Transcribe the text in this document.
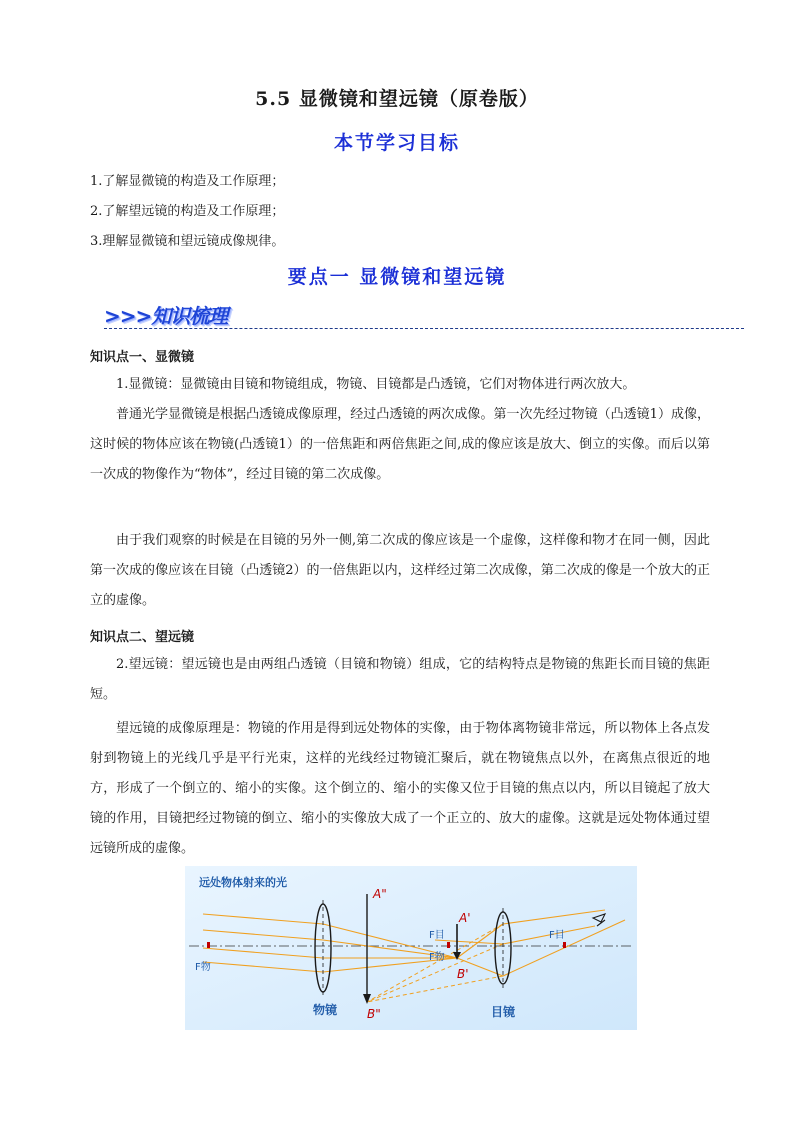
5.5 显微镜和望远镜（原卷版）
本节学习目标
1.了解显微镜的构造及工作原理；
2.了解望远镜的构造及工作原理；
3.理解显微镜和望远镜成像规律。
要点一 显微镜和望远镜
>>>知识梳理
知识点一、显微镜
1.显微镜：显微镜由目镜和物镜组成，物镜、目镜都是凸透镜，它们对物体进行两次放大。
普通光学显微镜是根据凸透镜成像原理，经过凸透镜的两次成像。第一次先经过物镜（凸透镜1）成像，这时候的物体应该在物镜(凸透镜1）的一倍焦距和两倍焦距之间,成的像应该是放大、倒立的实像。而后以第一次成的物像作为“物体”，经过目镜的第二次成像。
由于我们观察的时候是在目镜的另外一侧,第二次成的像应该是一个虚像，这样像和物才在同一侧，因此第一次成的像应该在目镜（凸透镜2）的一倍焦距以内，这样经过第二次成像，第二次成的像是一个放大的正立的虚像。
知识点二、望远镜
2.望远镜：望远镜也是由两组凸透镜（目镜和物镜）组成，它的结构特点是物镜的焦距长而目镜的焦距短。
望远镜的成像原理是：物镜的作用是得到远处物体的实像，由于物体离物镜非常远，所以物体上各点发射到物镜上的光线几乎是平行光束，这样的光线经过物镜汇聚后，就在物镜焦点以外，在离焦点很近的地方，形成了一个倒立的、缩小的实像。这个倒立的、缩小的实像又位于目镜的焦点以内，所以目镜起了放大镜的作用，目镜把经过物镜的倒立、缩小的实像放大成了一个正立的、放大的虚像。这就是远处物体通过望远镜所成的虚像。
远处物体射来的光
A"
B"
A'
B'
F物
F物
F目	F目
物镜	目镜
